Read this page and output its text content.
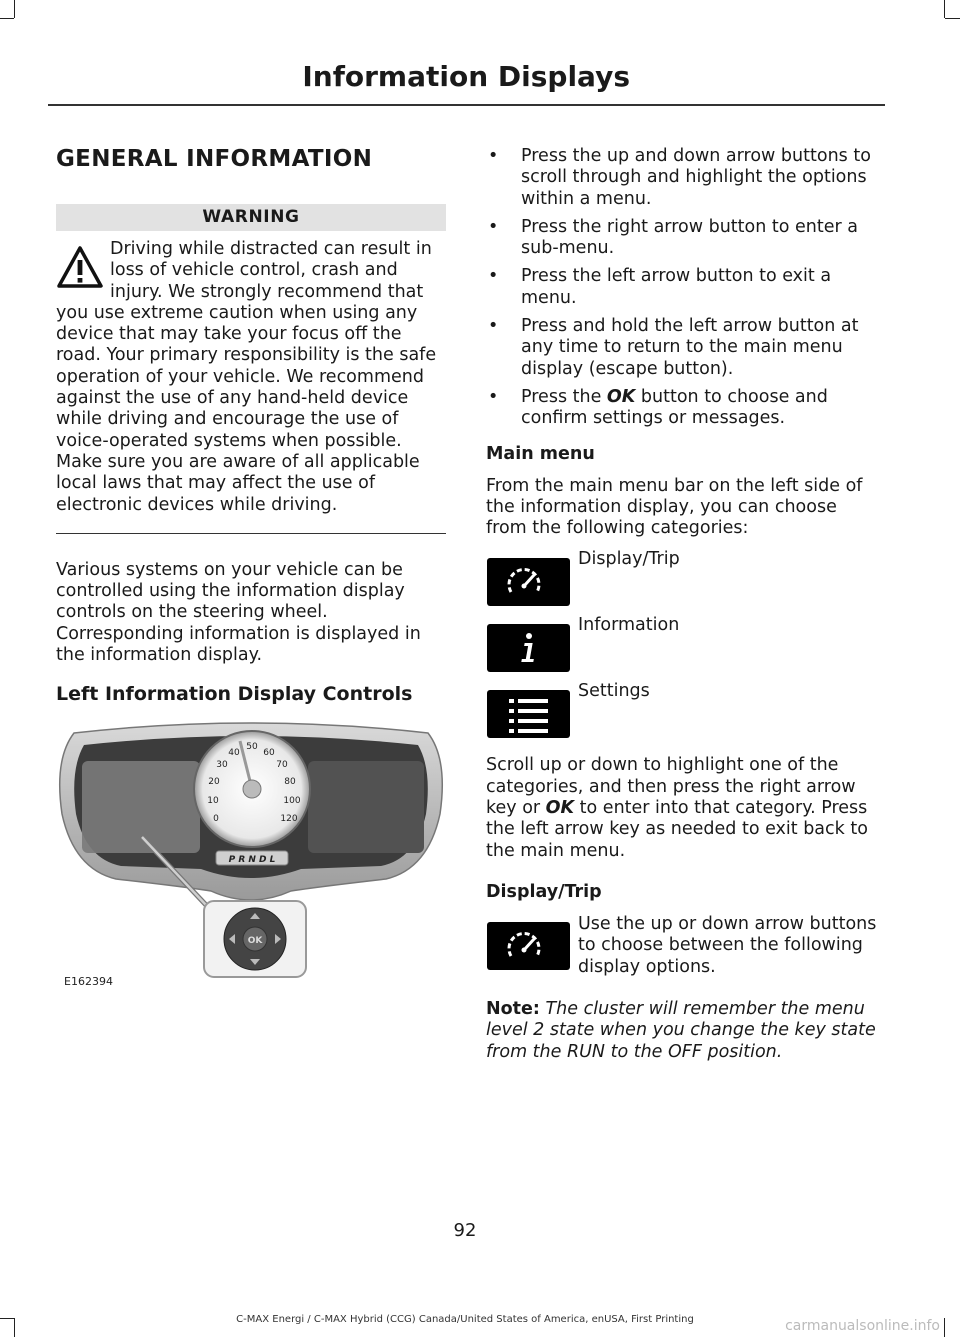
Information Displays
GENERAL INFORMATION
WARNING
Driving while distracted can result in loss of vehicle control, crash and injury. We strongly recommend that you use extreme caution when using any device that may take your focus off the road. Your primary responsibility is the safe operation of your vehicle. We recommend against the use of any hand-held device while driving and encourage the use of voice-operated systems when possible. Make sure you are aware of all applicable local laws that may affect the use of electronic devices while driving.

Various systems on your vehicle can be controlled using the information display controls on the steering wheel. Corresponding information is displayed in the information display.

Left Information Display Controls
0
10
20
30
40
50
60
70
80
100
120
P R N D L
OK
E162394
• Press the up and down arrow buttons to scroll through and highlight the options within a menu.
• Press the right arrow button to enter a sub-menu.
• Press the left arrow button to exit a menu.
• Press and hold the left arrow button at any time to return to the main menu display (escape button).
• Press the OK button to choose and confirm settings or messages.
Main menu

From the main menu bar on the left side of the information display, you can choose from the following categories:

Display/Trip
Information
Settings

Scroll up or down to highlight one of the categories, and then press the right arrow key or OK to enter into that category. Press the left arrow key as needed to exit back to the main menu.

Display/Trip
Use the up or down arrow buttons to choose between the following display options.
Note: The cluster will remember the menu level 2 state when you change the key state from the RUN to the OFF position.
92
C-MAX Energi / C-MAX Hybrid (CCG) Canada/United States of America, enUSA, First Printing	carmanualsonline.info
